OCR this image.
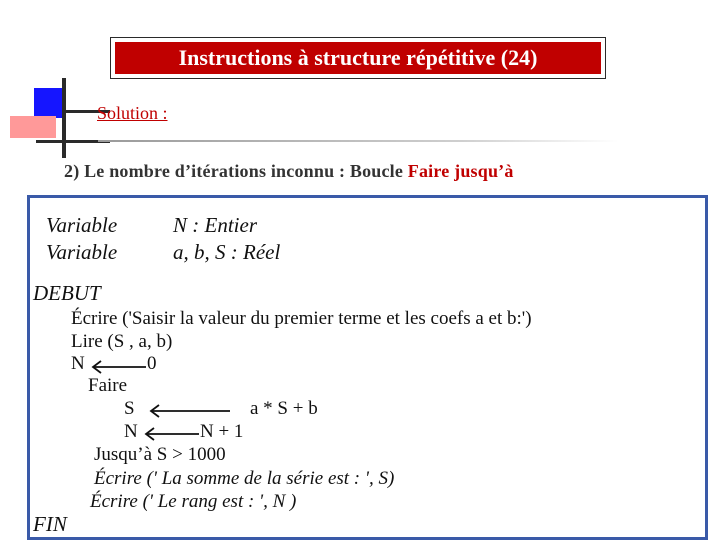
Instructions à structure répétitive (24)
Solution :
2) Le nombre d’itérations inconnu : Boucle Faire jusqu’à
Variable	N : Entier
Variable	a, b, S : Réel
DEBUT
Écrire ('Saisir la valeur du premier terme et les coefs a et b:')
Lire (S , a, b)
N	0
Faire
S	a * S + b
N	N + 1
Jusqu’à S > 1000
Écrire (' La somme de la série est : ', S)
Écrire (' Le rang est : ', N )
FIN
